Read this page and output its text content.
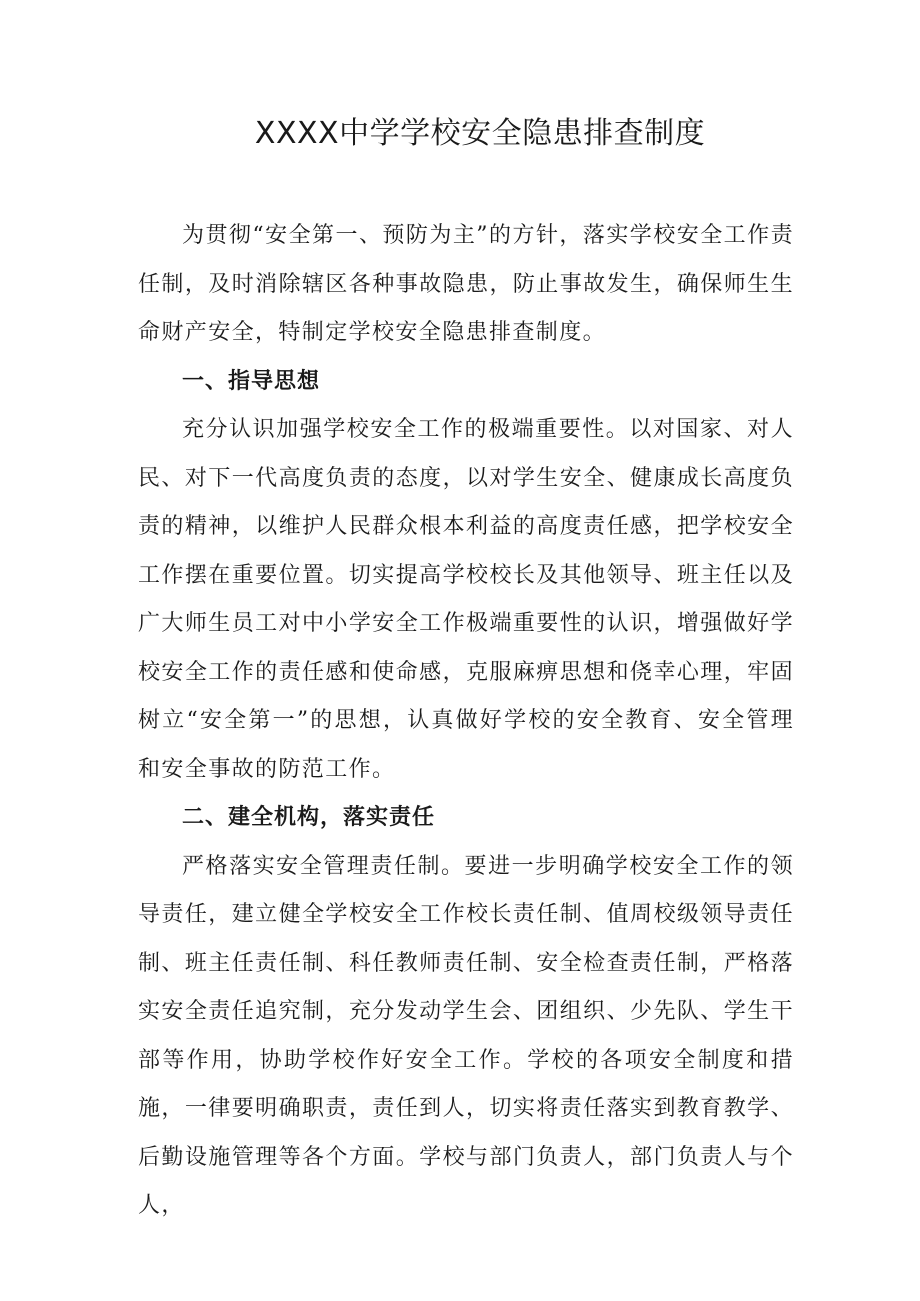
XXXX中学学校安全隐患排查制度

为贯彻“安全第一、预防为主”的方针，落实学校安全工作责任制，及时消除辖区各种事故隐患，防止事故发生，确保师生生命财产安全，特制定学校安全隐患排查制度。

一、指导思想

充分认识加强学校安全工作的极端重要性。以对国家、对人民、对下一代高度负责的态度，以对学生安全、健康成长高度负责的精神，以维护人民群众根本利益的高度责任感，把学校安全工作摆在重要位置。切实提高学校校长及其他领导、班主任以及广大师生员工对中小学安全工作极端重要性的认识，增强做好学校安全工作的责任感和使命感，克服麻痹思想和侥幸心理，牢固树立“安全第一”的思想，认真做好学校的安全教育、安全管理和安全事故的防范工作。

二、建全机构，落实责任

严格落实安全管理责任制。要进一步明确学校安全工作的领导责任，建立健全学校安全工作校长责任制、值周校级领导责任制、班主任责任制、科任教师责任制、安全检查责任制，严格落实安全责任追究制，充分发动学生会、团组织、少先队、学生干部等作用，协助学校作好安全工作。学校的各项安全制度和措施，一律要明确职责，责任到人，切实将责任落实到教育教学、后勤设施管理等各个方面。学校与部门负责人，部门负责人与个人，
